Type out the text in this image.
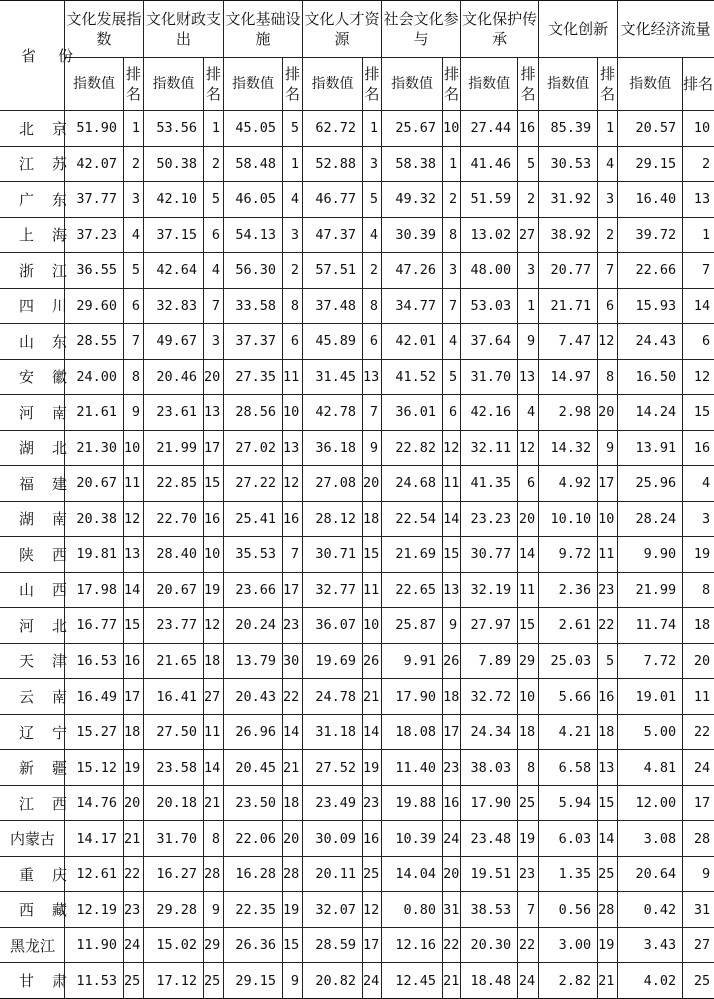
省份	文化发展指数		文化财政支出		文化基础设施		文化人才资源		社会文化参与		文化保护传承		文化创新		文化经济流量	
	指数值	排名	指数值	排名	指数值	排名	指数值	排名	指数值	排名	指数值	排名	指数值	排名	指数值	排名
北京	51.90	1	53.56	1	45.05	5	62.72	1	25.67	10	27.44	16	85.39	1	20.57	10
江苏	42.07	2	50.38	2	58.48	1	52.88	3	58.38	1	41.46	5	30.53	4	29.15	2
广东	37.77	3	42.10	5	46.05	4	46.77	5	49.32	2	51.59	2	31.92	3	16.40	13
上海	37.23	4	37.15	6	54.13	3	47.37	4	30.39	8	13.02	27	38.92	2	39.72	1
浙江	36.55	5	42.64	4	56.30	2	57.51	2	47.26	3	48.00	3	20.77	7	22.66	7
四川	29.60	6	32.83	7	33.58	8	37.48	8	34.77	7	53.03	1	21.71	6	15.93	14
山东	28.55	7	49.67	3	37.37	6	45.89	6	42.01	4	37.64	9	7.47	12	24.43	6
安徽	24.00	8	20.46	20	27.35	11	31.45	13	41.52	5	31.70	13	14.97	8	16.50	12
河南	21.61	9	23.61	13	28.56	10	42.78	7	36.01	6	42.16	4	2.98	20	14.24	15
湖北	21.30	10	21.99	17	27.02	13	36.18	9	22.82	12	32.11	12	14.32	9	13.91	16
福建	20.67	11	22.85	15	27.22	12	27.08	20	24.68	11	41.35	6	4.92	17	25.96	4
湖南	20.38	12	22.70	16	25.41	16	28.12	18	22.54	14	23.23	20	10.10	10	28.24	3
陕西	19.81	13	28.40	10	35.53	7	30.71	15	21.69	15	30.77	14	9.72	11	9.90	19
山西	17.98	14	20.67	19	23.66	17	32.77	11	22.65	13	32.19	11	2.36	23	21.99	8
河北	16.77	15	23.77	12	20.24	23	36.07	10	25.87	9	27.97	15	2.61	22	11.74	18
天津	16.53	16	21.65	18	13.79	30	19.69	26	9.91	26	7.89	29	25.03	5	7.72	20
云南	16.49	17	16.41	27	20.43	22	24.78	21	17.90	18	32.72	10	5.66	16	19.01	11
辽宁	15.27	18	27.50	11	26.96	14	31.18	14	18.08	17	24.34	18	4.21	18	5.00	22
新疆	15.12	19	23.58	14	20.45	21	27.52	19	11.40	23	38.03	8	6.58	13	4.81	24
江西	14.76	20	20.18	21	23.50	18	23.49	23	19.88	16	17.90	25	5.94	15	12.00	17
内蒙古	14.17	21	31.70	8	22.06	20	30.09	16	10.39	24	23.48	19	6.03	14	3.08	28
重庆	12.61	22	16.27	28	16.28	28	20.11	25	14.04	20	19.51	23	1.35	25	20.64	9
西藏	12.19	23	29.28	9	22.35	19	32.07	12	0.80	31	38.53	7	0.56	28	0.42	31
黑龙江	11.90	24	15.02	29	26.36	15	28.59	17	12.16	22	20.30	22	3.00	19	3.43	27
甘肃	11.53	25	17.12	25	29.15	9	20.82	24	12.45	21	18.48	24	2.82	21	4.02	25
